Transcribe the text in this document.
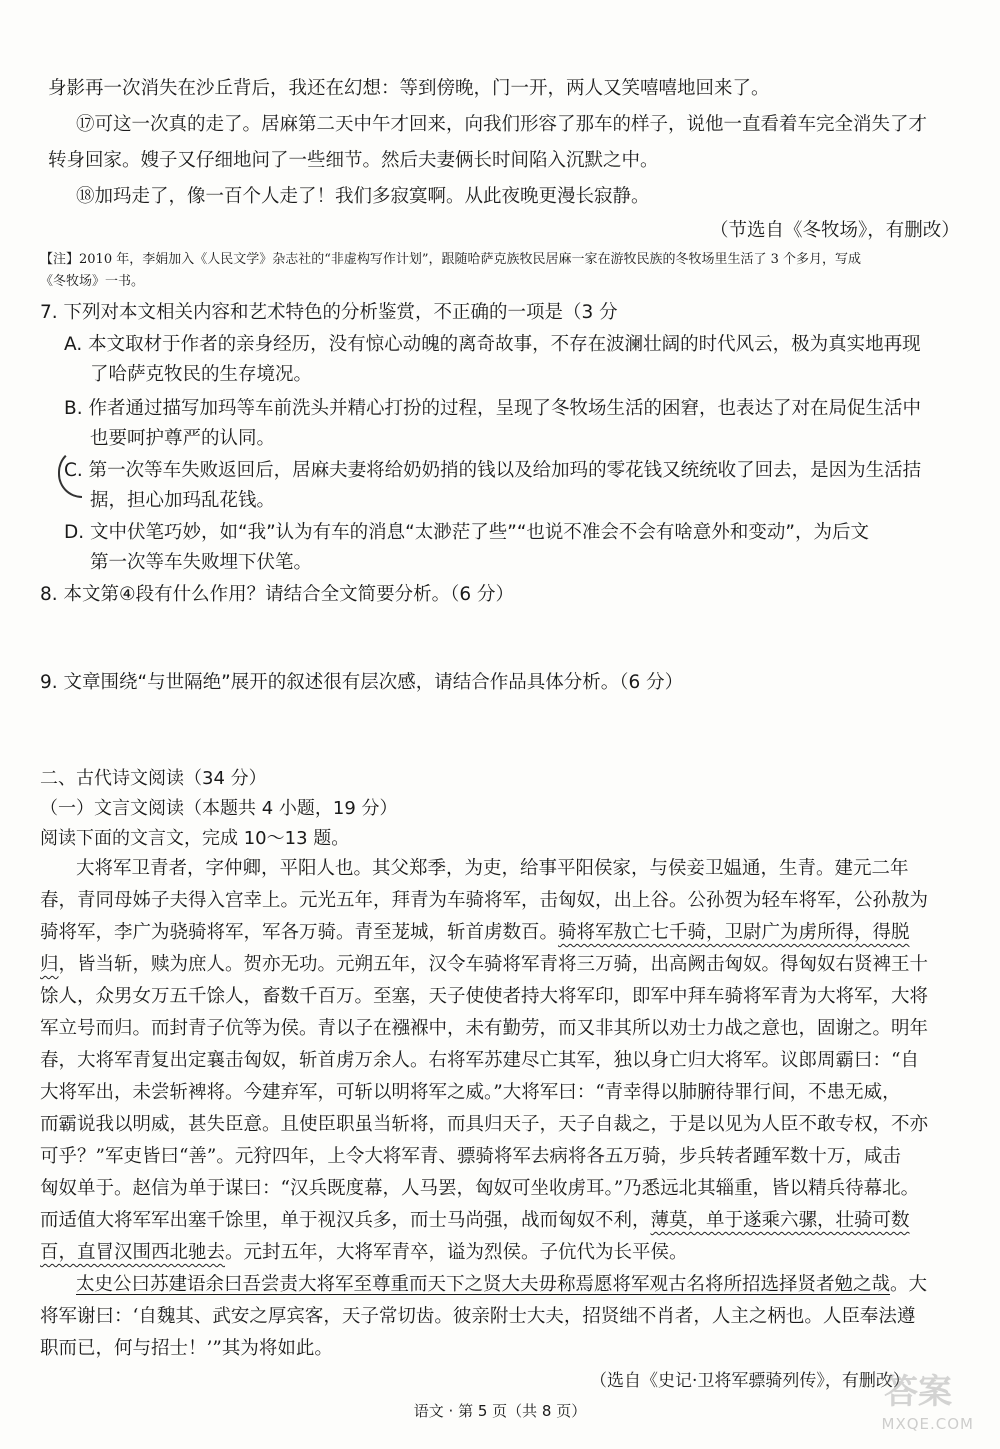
身影再一次消失在沙丘背后，我还在幻想：等到傍晚，门一开，两人又笑嘻嘻地回来了。
⑰可这一次真的走了。居麻第二天中午才回来，向我们形容了那车的样子，说他一直看着车完全消失了才
转身回家。嫂子又仔细地问了一些细节。然后夫妻俩长时间陷入沉默之中。
⑱加玛走了，像一百个人走了！我们多寂寞啊。从此夜晚更漫长寂静。
（节选自《冬牧场》，有删改）
【注】2010 年，李娟加入《人民文学》杂志社的“非虚构写作计划”，跟随哈萨克族牧民居麻一家在游牧民族的冬牧场里生活了 3 个多月，写成
《冬牧场》一书。
7. 下列对本文相关内容和艺术特色的分析鉴赏，不正确的一项是（3 分
A. 本文取材于作者的亲身经历，没有惊心动魄的离奇故事，不存在波澜壮阔的时代风云，极为真实地再现
了哈萨克牧民的生存境况。
B. 作者通过描写加玛等车前洗头并精心打扮的过程，呈现了冬牧场生活的困窘，也表达了对在局促生活中
也要呵护尊严的认同。
C. 第一次等车失败返回后，居麻夫妻将给奶奶捎的钱以及给加玛的零花钱又统统收了回去，是因为生活拮
据，担心加玛乱花钱。
D. 文中伏笔巧妙，如“我”认为有车的消息“太渺茫了些”“也说不准会不会有啥意外和变动”，为后文
第一次等车失败埋下伏笔。
8. 本文第④段有什么作用？请结合全文简要分析。（6 分）
9. 文章围绕“与世隔绝”展开的叙述很有层次感，请结合作品具体分析。（6 分）
二、古代诗文阅读（34 分）
（一）文言文阅读（本题共 4 小题，19 分）
阅读下面的文言文，完成 10～13 题。
大将军卫青者，字仲卿，平阳人也。其父郑季，为吏，给事平阳侯家，与侯妾卫媪通，生青。建元二年
春，青同母姊子夫得入宫幸上。元光五年，拜青为车骑将军，击匈奴，出上谷。公孙贺为轻车将军，公孙敖为
骑将军，李广为骁骑将军，军各万骑。青至茏城，斩首虏数百。骑将军敖亡七千骑，卫尉广为虏所得，得脱
归，皆当斩，赎为庶人。贺亦无功。元朔五年，汉令车骑将军青将三万骑，出高阙击匈奴。得匈奴右贤裨王十
馀人，众男女万五千馀人，畜数千百万。至塞，天子使使者持大将军印，即军中拜车骑将军青为大将军，大将
军立号而归。而封青子伉等为侯。青以子在襁褓中，未有勤劳，而又非其所以劝士力战之意也，固谢之。明年
春，大将军青复出定襄击匈奴，斩首虏万余人。右将军苏建尽亡其军，独以身亡归大将军。议郎周霸曰：“自
大将军出，未尝斩裨将。今建弃军，可斩以明将军之威。”大将军曰：“青幸得以肺腑待罪行间，不患无威，
而霸说我以明威，甚失臣意。且使臣职虽当斩将，而具归天子，天子自裁之，于是以见为人臣不敢专权，不亦
可乎？”军吏皆曰“善”。元狩四年，上令大将军青、骠骑将军去病将各五万骑，步兵转者踵军数十万，咸击
匈奴单于。赵信为单于谋曰：“汉兵既度幕，人马罢，匈奴可坐收虏耳。”乃悉远北其辎重，皆以精兵待幕北。
而适值大将军军出塞千馀里，单于视汉兵多，而士马尚强，战而匈奴不利，薄莫，单于遂乘六骡，壮骑可数
百，直冒汉围西北驰去。元封五年，大将军青卒，谥为烈侯。子伉代为长平侯。
太史公曰苏建语余曰吾尝责大将军至尊重而天下之贤大夫毋称焉愿将军观古名将所招选择贤者勉之哉。大
将军谢曰：‘自魏其、武安之厚宾客，天子常切齿。彼亲附士大夫，招贤绌不肖者，人主之柄也。人臣奉法遵
职而已，何与招士！’”其为将如此。
（选自《史记·卫将军骠骑列传》，有删改）
语文 · 第 5 页（共 8 页）	答案
MXQE.COM
